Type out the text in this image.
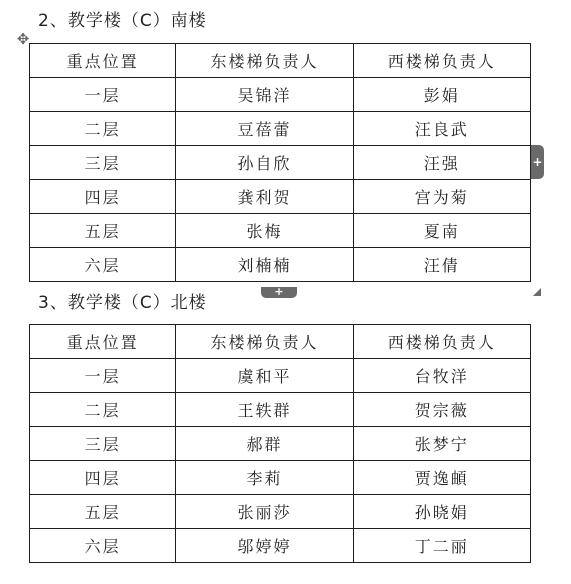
2、教学楼（C）南楼
✥
重点位置	东楼梯负责人	西楼梯负责人
一层	吴锦洋	彭娟
二层	豆蓓蕾	汪良武
三层	孙自欣	汪强
四层	龚利贺	宫为菊
五层	张梅	夏南
六层	刘楠楠	汪倩
+
+
3、教学楼（C）北楼
重点位置	东楼梯负责人	西楼梯负责人
一层	虞和平	台牧洋
二层	王轶群	贺宗薇
三层	郝群	张梦宁
四层	李莉	贾逸頔
五层	张丽莎	孙晓娟
六层	邬婷婷	丁二丽
